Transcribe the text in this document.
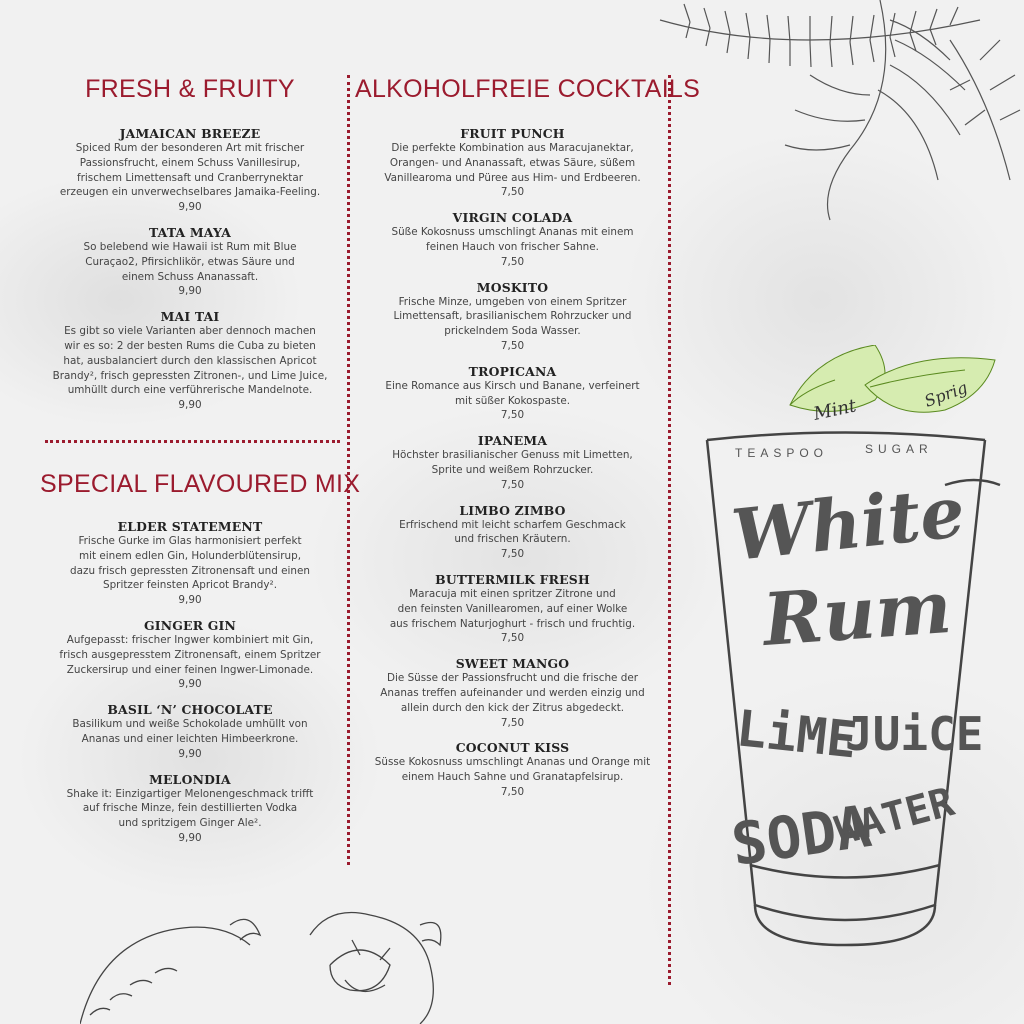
Mint	Sprig
TEASPOO	SUGAR
White
Rum
LiME
JUiCE
SODA
WATER
FRESH & FRUITY
JAMAICAN BREEZE
Spiced Rum der besonderen Art mit frischer
Passionsfrucht, einem Schuss Vanillesirup,
frischem Limettensaft und Cranberrynektar
erzeugen ein unverwechselbares Jamaika-Feeling.
9,90
TATA MAYA
So belebend wie Hawaii ist Rum mit Blue
Curaçao2, Pfirsichlikör, etwas Säure und
einem Schuss Ananassaft.
9,90
MAI TAI
Es gibt so viele Varianten aber dennoch machen
wir es so: 2 der besten Rums die Cuba zu bieten
hat, ausbalanciert durch den klassischen Apricot
Brandy², frisch gepressten Zitronen-, und Lime Juice,
umhüllt durch eine verführerische Mandelnote.
9,90
SPECIAL FLAVOURED MIX
ELDER STATEMENT
Frische Gurke im Glas harmonisiert perfekt
mit einem edlen Gin, Holunderblütensirup,
dazu frisch gepressten Zitronensaft und einen
Spritzer feinsten Apricot Brandy².
9,90
GINGER GIN
Aufgepasst: frischer Ingwer kombiniert mit Gin,
frisch ausgepresstem Zitronensaft, einem Spritzer
Zuckersirup und einer feinen Ingwer-Limonade.
9,90
BASIL ‘N’ CHOCOLATE
Basilikum und weiße Schokolade umhüllt von
Ananas und einer leichten Himbeerkrone.
9,90
MELONDIA
Shake it: Einzigartiger Melonengeschmack trifft
auf frische Minze, fein destillierten Vodka
und spritzigem Ginger Ale².
9,90
ALKOHOLFREIE COCKTAILS
FRUIT PUNCH
Die perfekte Kombination aus Maracujanektar,
Orangen- und Ananassaft, etwas Säure, süßem
Vanillearoma und Püree aus Him- und Erdbeeren.
7,50
VIRGIN COLADA
Süße Kokosnuss umschlingt Ananas mit einem
feinen Hauch von frischer Sahne.
7,50
MOSKITO
Frische Minze, umgeben von einem Spritzer
Limettensaft, brasilianischem Rohrzucker und
prickelndem Soda Wasser.
7,50
TROPICANA
Eine Romance aus Kirsch und Banane, verfeinert
mit süßer Kokospaste.
7,50
IPANEMA
Höchster brasilianischer Genuss mit Limetten,
Sprite und weißem Rohrzucker.
7,50
LIMBO ZIMBO
Erfrischend mit leicht scharfem Geschmack
und frischen Kräutern.
7,50
BUTTERMILK FRESH
Maracuja mit einen spritzer Zitrone und
den feinsten Vanillearomen, auf einer Wolke
aus frischem Naturjoghurt - frisch und fruchtig.
7,50
SWEET MANGO
Die Süsse der Passionsfrucht und die frische der
Ananas treffen aufeinander und werden einzig und
allein durch den kick der Zitrus abgedeckt.
7,50
COCONUT KISS
Süsse Kokosnuss umschlingt Ananas und Orange mit
einem Hauch Sahne und Granatapfelsirup.
7,50
